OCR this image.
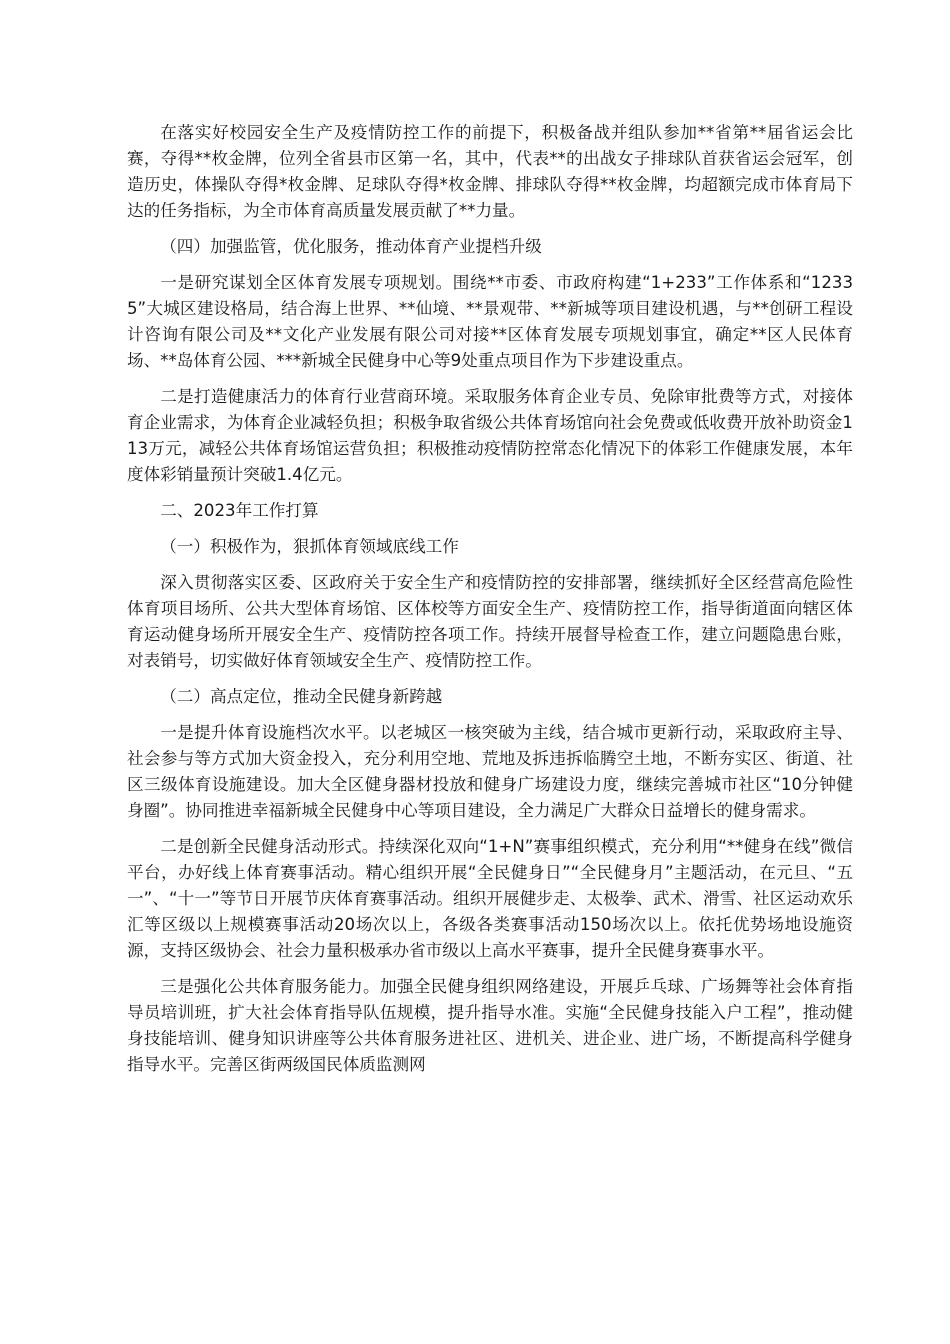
在落实好校园安全生产及疫情防控工作的前提下，积极备战并组队参加**省第**届省运会比赛，夺得**枚金牌，位列全省县市区第一名，其中，代表**的出战女子排球队首获省运会冠军，创造历史，体操队夺得*枚金牌、足球队夺得*枚金牌、排球队夺得**枚金牌，均超额完成市体育局下达的任务指标，为全市体育高质量发展贡献了**力量。

（四）加强监管，优化服务，推动体育产业提档升级

一是研究谋划全区体育发展专项规划。围绕**市委、市政府构建“1+233”工作体系和“12335”大城区建设格局，结合海上世界、**仙境、**景观带、**新城等项目建设机遇，与**创研工程设计咨询有限公司及**文化产业发展有限公司对接**区体育发展专项规划事宜，确定**区人民体育场、**岛体育公园、***新城全民健身中心等9处重点项目作为下步建设重点。

二是打造健康活力的体育行业营商环境。采取服务体育企业专员、免除审批费等方式，对接体育企业需求，为体育企业减轻负担；积极争取省级公共体育场馆向社会免费或低收费开放补助资金113万元，减轻公共体育场馆运营负担；积极推动疫情防控常态化情况下的体彩工作健康发展，本年度体彩销量预计突破1.4亿元。

二、2023年工作打算

（一）积极作为，狠抓体育领域底线工作

深入贯彻落实区委、区政府关于安全生产和疫情防控的安排部署，继续抓好全区经营高危险性体育项目场所、公共大型体育场馆、区体校等方面安全生产、疫情防控工作，指导街道面向辖区体育运动健身场所开展安全生产、疫情防控各项工作。持续开展督导检查工作，建立问题隐患台账，对表销号，切实做好体育领域安全生产、疫情防控工作。

（二）高点定位，推动全民健身新跨越

一是提升体育设施档次水平。以老城区一核突破为主线，结合城市更新行动，采取政府主导、社会参与等方式加大资金投入，充分利用空地、荒地及拆违拆临腾空土地，不断夯实区、街道、社区三级体育设施建设。加大全区健身器材投放和健身广场建设力度，继续完善城市社区“10分钟健身圈”。协同推进幸福新城全民健身中心等项目建设，全力满足广大群众日益增长的健身需求。

二是创新全民健身活动形式。持续深化双向“1+N”赛事组织模式，充分利用“**健身在线”微信平台，办好线上体育赛事活动。精心组织开展“全民健身日”“全民健身月”主题活动，在元旦、“五一”、“十一”等节日开展节庆体育赛事活动。组织开展健步走、太极拳、武术、滑雪、社区运动欢乐汇等区级以上规模赛事活动20场次以上，各级各类赛事活动150场次以上。依托优势场地设施资源，支持区级协会、社会力量积极承办省市级以上高水平赛事，提升全民健身赛事水平。

三是强化公共体育服务能力。加强全民健身组织网络建设，开展乒乓球、广场舞等社会体育指导员培训班，扩大社会体育指导队伍规模，提升指导水准。实施“全民健身技能入户工程”，推动健身技能培训、健身知识讲座等公共体育服务进社区、进机关、进企业、进广场，不断提高科学健身指导水平。完善区街两级国民体质监测网
